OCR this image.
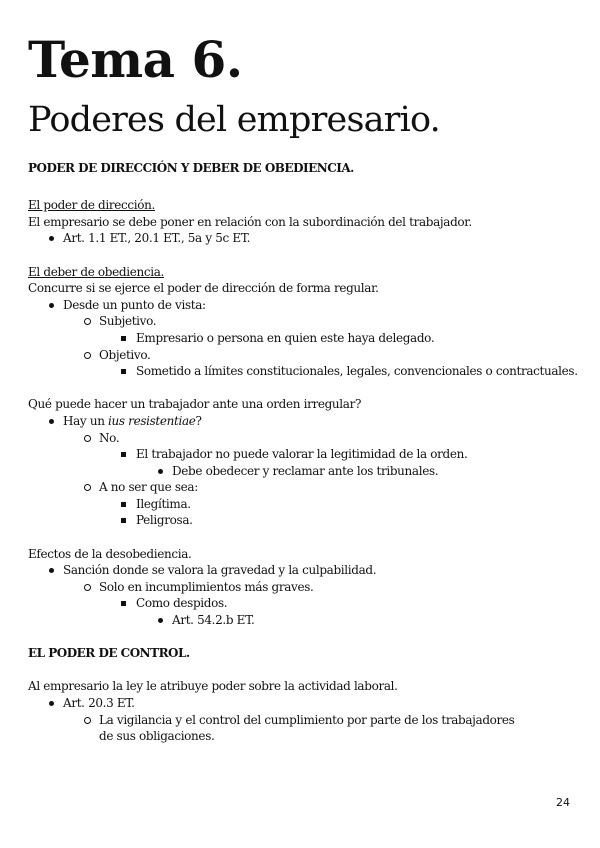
Tema 6.
Poderes del empresario.
PODER DE DIRECCIÓN Y DEBER DE OBEDIENCIA.
El poder de dirección.
El empresario se debe poner en relación con la subordinación del trabajador.
Art. 1.1 ET., 20.1 ET., 5a y 5c ET.
El deber de obediencia.
Concurre si se ejerce el poder de dirección de forma regular.
Desde un punto de vista:
Subjetivo.
Empresario o persona en quien este haya delegado.
Objetivo.
Sometido a límites constitucionales, legales, convencionales o contractuales.
Qué puede hacer un trabajador ante una orden irregular?
Hay un ius resistentiae?
No.
El trabajador no puede valorar la legitimidad de la orden.
Debe obedecer y reclamar ante los tribunales.
A no ser que sea:
Ilegítima.
Peligrosa.
Efectos de la desobediencia.
Sanción donde se valora la gravedad y la culpabilidad.
Solo en incumplimientos más graves.
Como despidos.
Art. 54.2.b ET.
EL PODER DE CONTROL.
Al empresario la ley le atribuye poder sobre la actividad laboral.
Art. 20.3 ET.
La vigilancia y el control del cumplimiento por parte de los trabajadores de sus obligaciones.
24
